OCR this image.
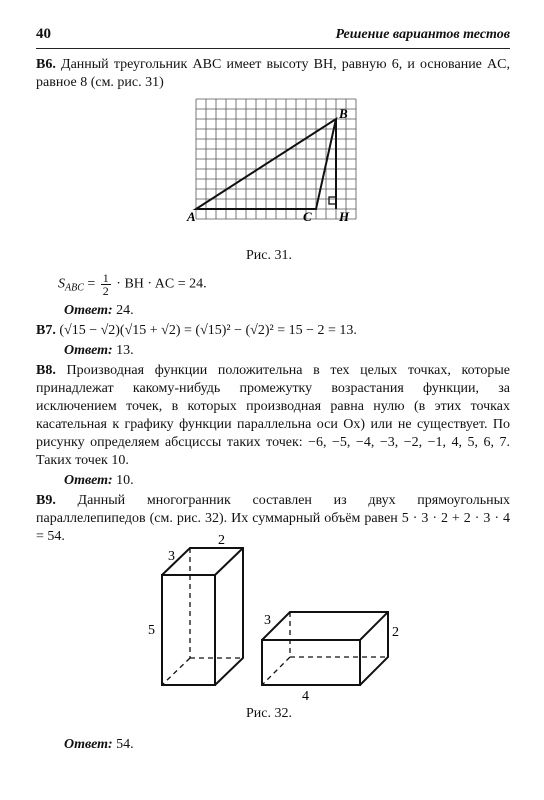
40	Решение вариантов тестов

В6. Данный треугольник ABC имеет высоту BH, равную 6, и основание AC, равное 8 (см. рис. 31)

A	C H
B
Рис. 31.
$S_{ABC} = \frac{1}{2}$ · BH · AC = 24.
Ответ: 24.

В7. (√15 − √2)(√15 + √2) = (√15)² − (√2)² = 15 − 2 = 13.

Ответ: 13.

В8. Производная функции положительна в тех целых точках, которые принадлежат какому-нибудь промежутку возрастания функции, за исключением точек, в которых производная равна нулю (в этих точках касательная к графику функции параллельна оси Ox) или не существует. По рисунку определяем абсциссы таких точек: −6, −5, −4, −3, −2, −1, 4, 5, 6, 7. Таких точек 10.

Ответ: 10.

В9. Данный многогранник составлен из двух прямоугольных параллелепипедов (см. рис. 32). Их суммарный объём равен 5 · 3 · 2 + 2 · 3 · 4 = 54.	2
3
5
3
2
4
Рис. 32.
Ответ: 54.
